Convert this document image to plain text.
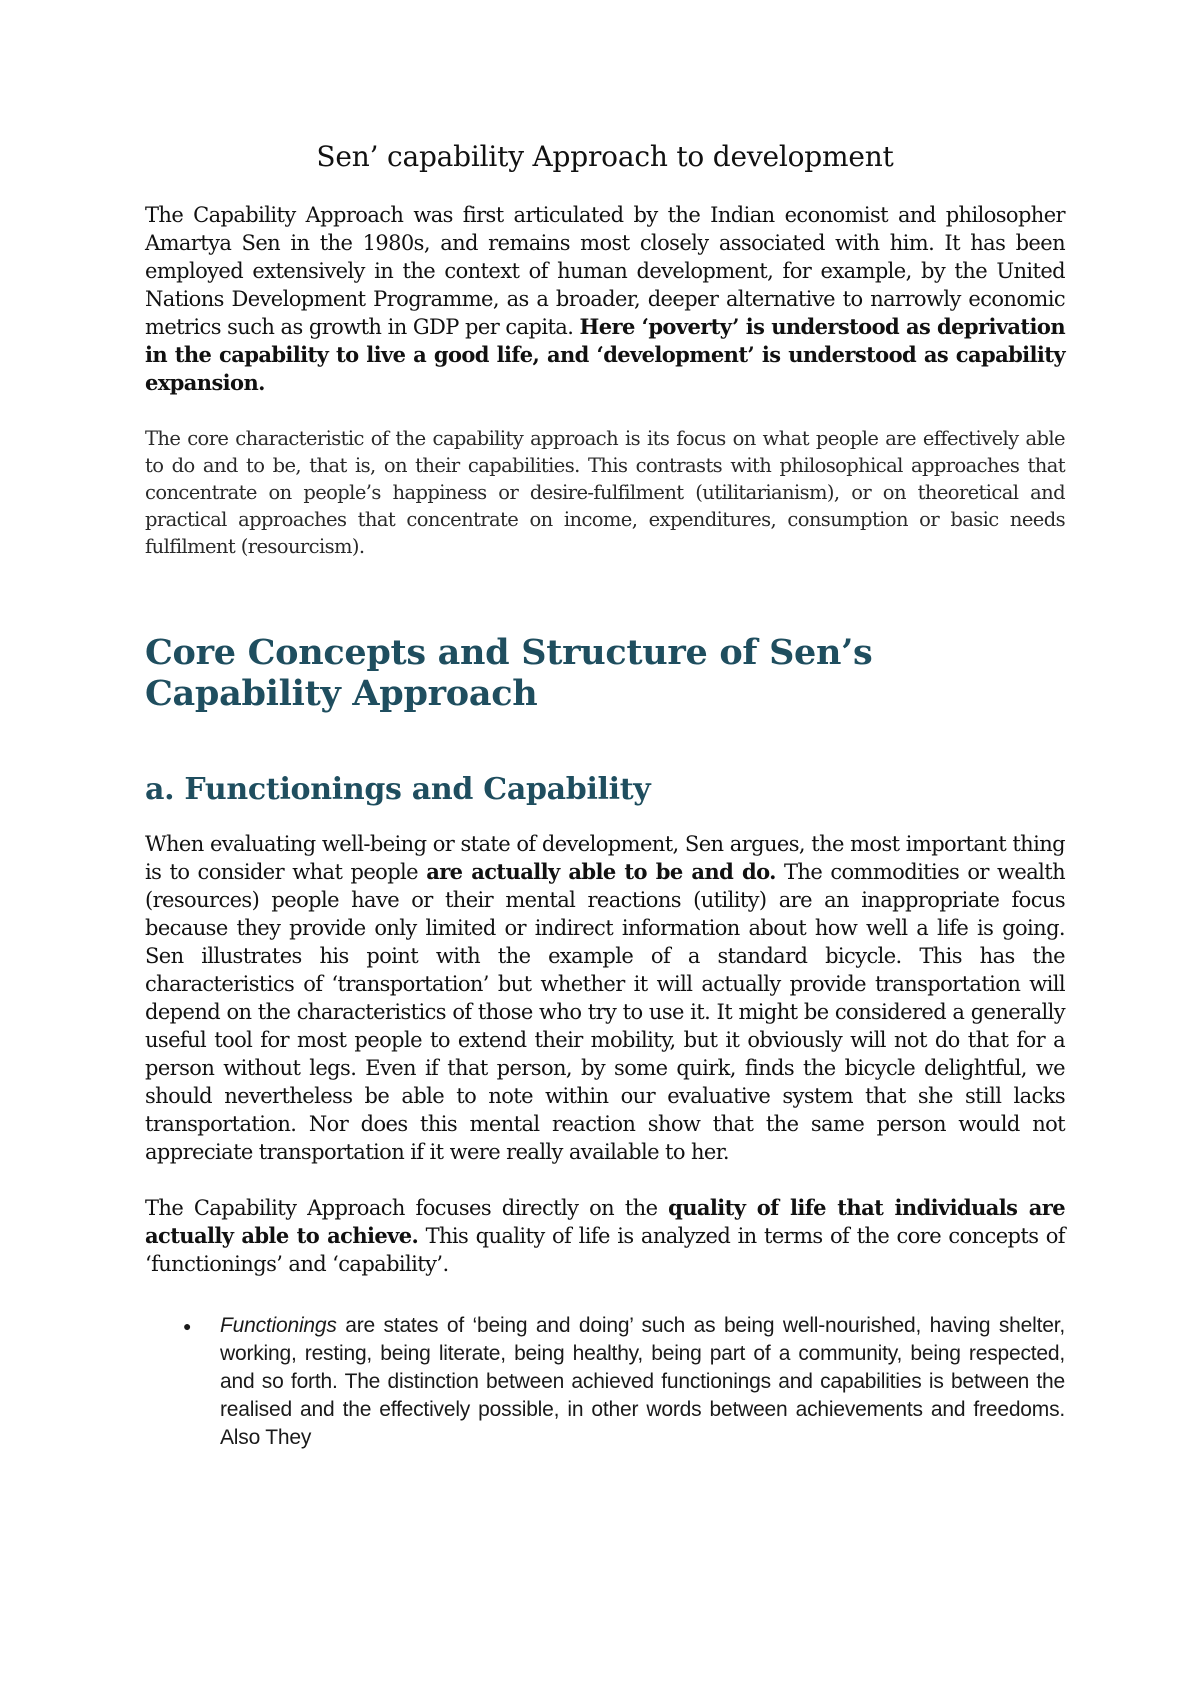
Sen’ capability Approach to development

The Capability Approach was first articulated by the Indian economist and philosopher Amartya Sen in the 1980s, and remains most closely associated with him. It has been employed extensively in the context of human development, for example, by the United Nations Development Programme, as a broader, deeper alternative to narrowly economic metrics such as growth in GDP per capita. Here ‘poverty’ is understood as deprivation in the capability to live a good life, and ‘development’ is understood as capability expansion.

The core characteristic of the capability approach is its focus on what people are effectively able to do and to be, that is, on their capabilities. This contrasts with philosophical approaches that concentrate on people’s happiness or desire-fulfilment (utilitarianism), or on theoretical and practical approaches that concentrate on income, expenditures, consumption or basic needs fulfilment (resourcism).

Core Concepts and Structure of Sen’s Capability Approach
a. Functionings and Capability

When evaluating well-being or state of development, Sen argues, the most important thing is to consider what people are actually able to be and do. The commodities or wealth (resources) people have or their mental reactions (utility) are an inappropriate focus because they provide only limited or indirect information about how well a life is going. Sen illustrates his point with the example of a standard bicycle. This has the characteristics of ‘transportation’ but whether it will actually provide transportation will depend on the characteristics of those who try to use it. It might be considered a generally useful tool for most people to extend their mobility, but it obviously will not do that for a person without legs. Even if that person, by some quirk, finds the bicycle delightful, we should nevertheless be able to note within our evaluative system that she still lacks transportation. Nor does this mental reaction show that the same person would not appreciate transportation if it were really available to her.

The Capability Approach focuses directly on the quality of life that individuals are actually able to achieve. This quality of life is analyzed in terms of the core concepts of ‘functionings’ and ‘capability’.

● Functionings are states of ‘being and doing’ such as being well-nourished, having shelter, working, resting, being literate, being healthy, being part of a community, being respected, and so forth. The distinction between achieved functionings and capabilities is between the realised and the effectively possible, in other words between achievements and freedoms. Also They
